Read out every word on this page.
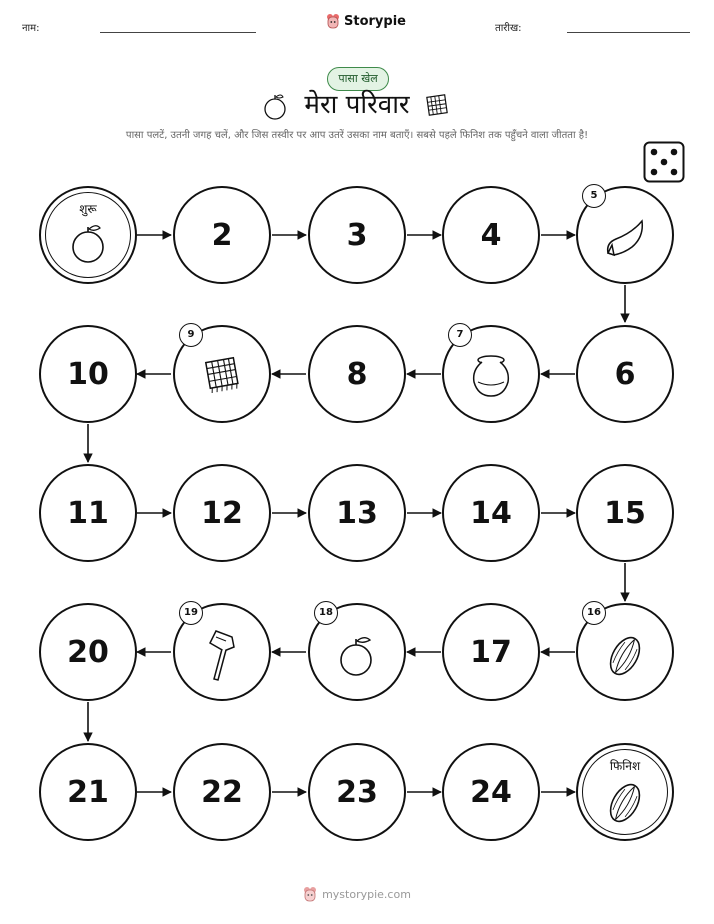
नाम:	Storypie	तारीख:
पासा खेल
मेरा परिवार
पासा पलटें, उतनी जगह चलें, और जिस तस्वीर पर आप उतरें उसका नाम बताएँ। सबसे पहले फिनिश तक पहुँचने वाला जीतता है!
शुरू
2	3	4
5
10
9
8
7
6
11	12	13	14	15
20
19	18
17
16
21	22	23	24
फिनिश
mystorypie.com
